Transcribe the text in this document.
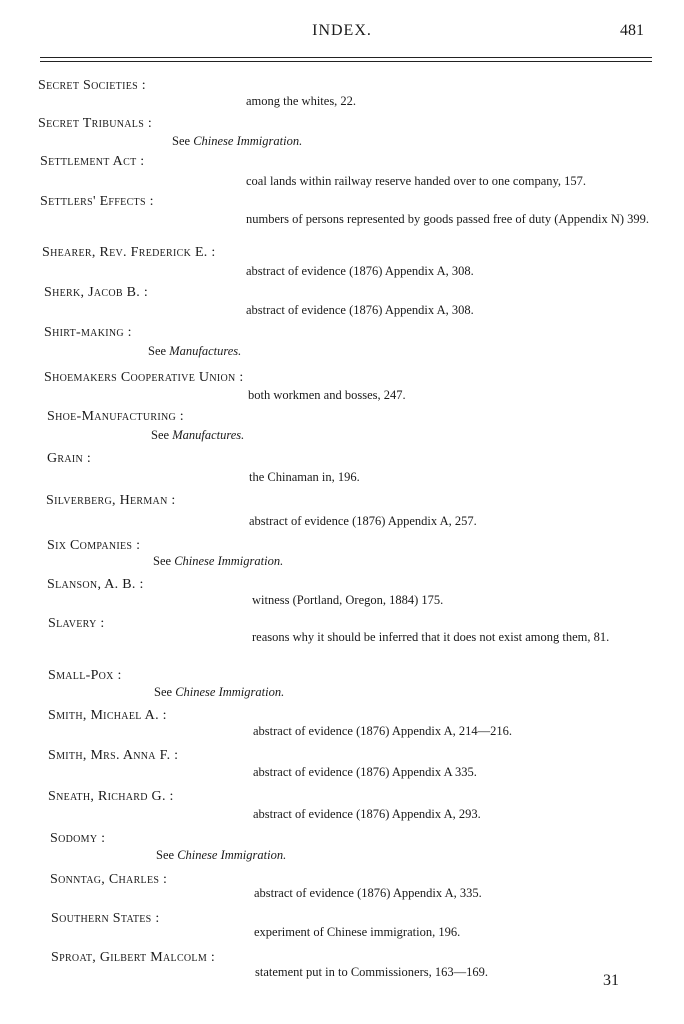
INDEX.	481
Secret Societies :
among the whites, 22.
Secret Tribunals :
See Chinese Immigration.
Settlement Act :
coal lands within railway reserve handed over to one company, 157.
Settlers' Effects :
numbers of persons represented by goods passed free of duty (Appendix N) 399.
Shearer, Rev. Frederick E. :
abstract of evidence (1876) Appendix A, 308.
Sherk, Jacob B. :
abstract of evidence (1876) Appendix A, 308.
Shirt-making :
See Manufactures.
Shoemakers Cooperative Union :
both workmen and bosses, 247.
Shoe-Manufacturing :
See Manufactures.
Grain :
the Chinaman in, 196.
Silverberg, Herman :
abstract of evidence (1876) Appendix A, 257.
Six Companies :
See Chinese Immigration.
Slanson, A. B. :
witness (Portland, Oregon, 1884) 175.
Slavery :
reasons why it should be inferred that it does not exist among them, 81.
Small-Pox :
See Chinese Immigration.
Smith, Michael A. :
abstract of evidence (1876) Appendix A, 214—216.
Smith, Mrs. Anna F. :
abstract of evidence (1876) Appendix A 335.
Sneath, Richard G. :
abstract of evidence (1876) Appendix A, 293.
Sodomy :
See Chinese Immigration.
Sonntag, Charles :
abstract of evidence (1876) Appendix A, 335.
Southern States :
experiment of Chinese immigration, 196.
Sproat, Gilbert Malcolm :
statement put in to Commissioners, 163—169.	31
